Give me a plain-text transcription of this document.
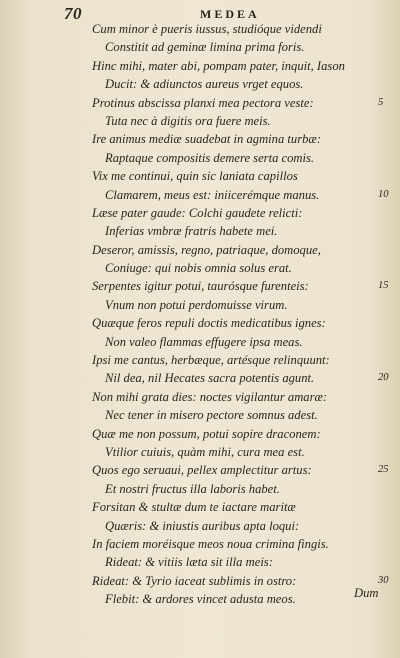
70	MEDEA
Cum minor è pueris iussus, studióque videndi
Constitit ad geminæ limina prima foris.
Hinc mihi, mater abi, pompam pater, inquit, Iason
Ducit: & adiunctos aureus vrget equos.
Protinus abscissa planxi mea pectora veste:	5
Tuta nec à digitis ora fuere meis.
Ire animus mediæ suadebat in agmina turbæ:
Raptaque compositis demere serta comis.
Vix me continui, quin sic laniata capillos
Clamarem, meus est: iniicerémque manus.	10
Læse pater gaude: Colchi gaudete relicti:
Inferias vmbræ fratris habete mei.
Deseror, amissis, regno, patriaque, domoque,
Coniuge: qui nobis omnia solus erat.
Serpentes igitur potui, taurósque furenteis:	15
Vnum non potui perdomuisse virum.
Quæque feros repuli doctis medicatibus ignes:
Non valeo flammas effugere ipsa meas.
Ipsi me cantus, herbæque, artésque relinquunt:
Nil dea, nil Hecates sacra potentis agunt.	20
Non mihi grata dies: noctes vigilantur amaræ:
Nec tener in misero pectore somnus adest.
Quæ me non possum, potui sopire draconem:
Vtilior cuiuis, quàm mihi, cura mea est.
Quos ego seruaui, pellex amplectitur artus:	25
Et nostri fructus illa laboris habet.
Forsitan & stultæ dum te iactare maritæ
Quæris: & iniustis auribus apta loqui:
In faciem moréisque meos noua crimina fingis.
Rideat: & vitiis læta sit illa meis:
Rideat: & Tyrio iaceat sublimis in ostro:	30
Flebit: & ardores vincet adusta meos.	Dum
